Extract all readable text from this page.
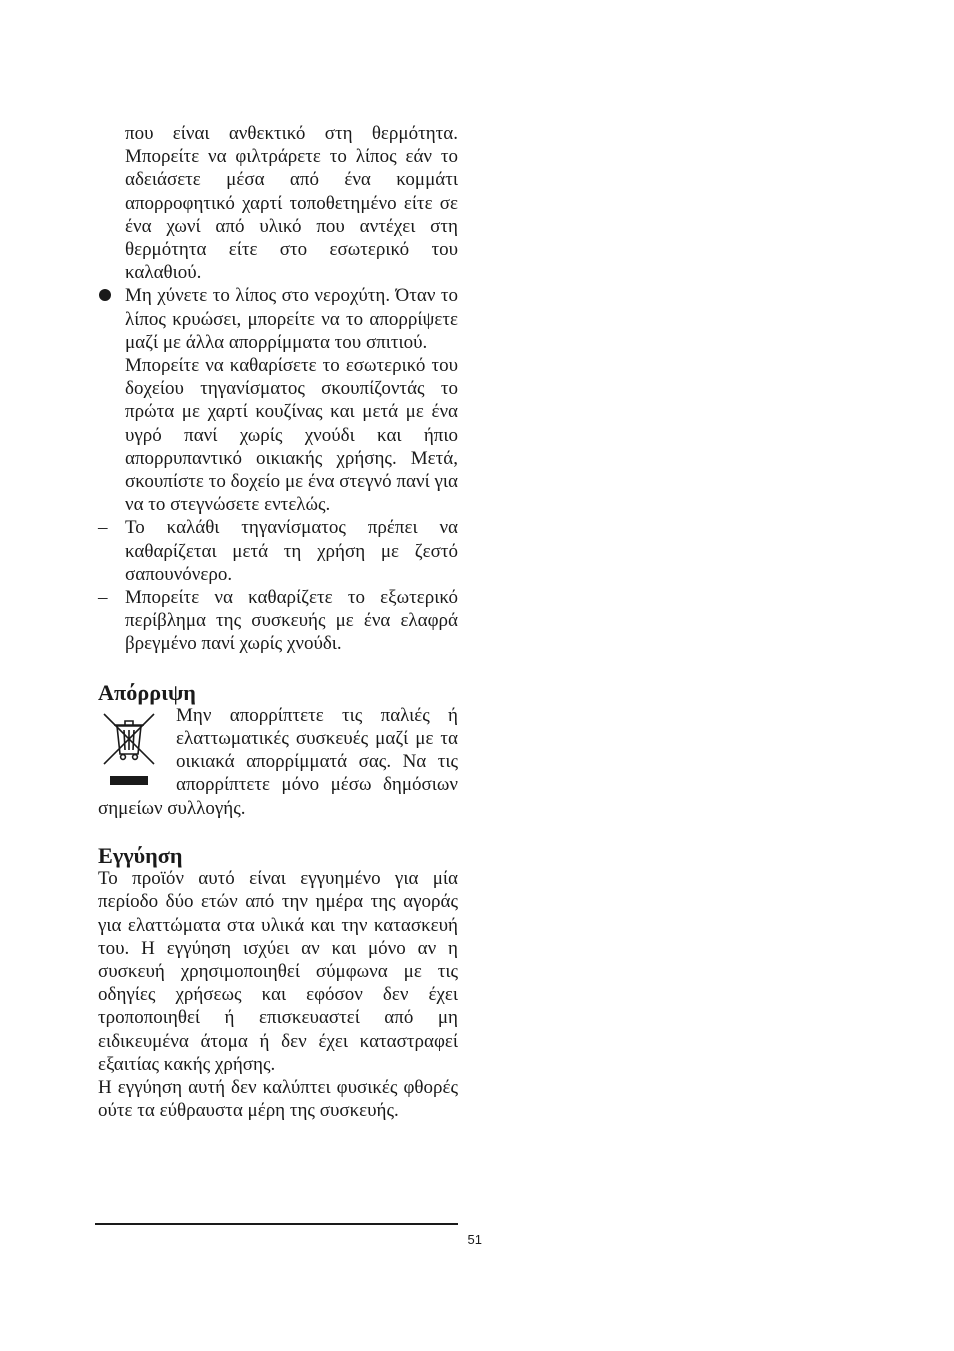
που είναι ανθεκτικό στη θερμότητα. Μπορείτε να φιλτράρετε το λίπος εάν το αδειάσετε μέσα από ένα κομμάτι απορροφητικό χαρτί τοποθετημένο είτε σε ένα χωνί από υλικό που αντέχει στη θερμότητα είτε στο εσωτερικό του καλαθιού.

Μη χύνετε το λίπος στο νεροχύτη. Όταν το λίπος κρυώσει, μπορείτε να το απορρίψετε μαζί με άλλα απορρίμματα του σπιτιού.

Μπορείτε να καθαρίσετε το εσωτερικό του δοχείου τηγανίσματος σκουπίζοντάς το πρώτα με χαρτί κουζίνας και μετά με ένα υγρό πανί χωρίς χνούδι και ήπιο απορρυπαντικό οικιακής χρήσης. Μετά, σκουπίστε το δοχείο με ένα στεγνό πανί για να το στεγνώσετε εντελώς.

– Το καλάθι τηγανίσματος πρέπει να καθαρίζεται μετά τη χρήση με ζεστό σαπουνόνερο.

– Μπορείτε να καθαρίζετε το εξωτερικό περίβλημα της συσκευής με ένα ελαφρά βρεγμένο πανί χωρίς χνούδι.

Απόρριψη

Μην απορρίπτετε τις παλιές ή ελαττωματικές συσκευές μαζί με τα οικιακά απορρίμματά σας. Να τις απορρίπτετε μόνο μέσω δημόσιων σημείων συλλογής.

Εγγύηση

Το προϊόν αυτό είναι εγγυημένο για μία περίοδο δύο ετών από την ημέρα της αγοράς για ελαττώματα στα υλικά και την κατασκευή του. Η εγγύηση ισχύει αν και μόνο αν η συσκευή χρησιμοποιηθεί σύμφωνα με τις οδηγίες χρήσεως και εφόσον δεν έχει τροποποιηθεί ή επισκευαστεί από μη ειδικευμένα άτομα ή δεν έχει καταστραφεί εξαιτίας κακής χρήσης.

Η εγγύηση αυτή δεν καλύπτει φυσικές φθορές ούτε τα εύθραυστα μέρη της συσκευής.

51
